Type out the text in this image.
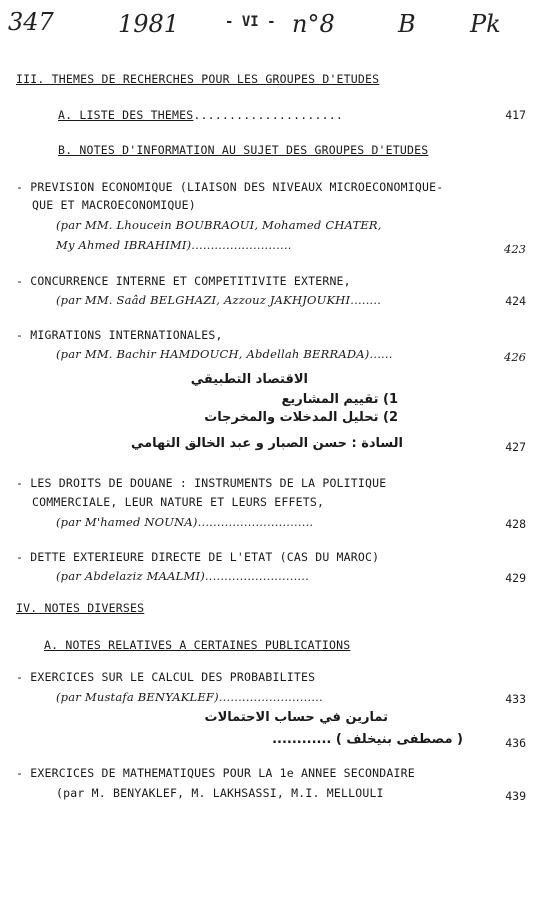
347	1981	- VI - n°8	B Pk
III. THEMES DE RECHERCHES POUR LES GROUPES D'ETUDES
A. LISTE DES THEMES.....................	417
B. NOTES D'INFORMATION AU SUJET DES GROUPES D'ETUDES
- PREVISION ECONOMIQUE (LIAISON DES NIVEAUX MICROECONOMIQUE-
QUE ET MACROECONOMIQUE)
(par MM. Lhoucein BOUBRAOUI, Mohamed CHATER,
My Ahmed IBRAHIMI)..........................	423
- CONCURRENCE INTERNE ET COMPETITIVITE EXTERNE,
(par MM. Saâd BELGHAZI, Azzouz JAKHJOUKHI........	424
- MIGRATIONS INTERNATIONALES,
(par MM. Bachir HAMDOUCH, Abdellah BERRADA)......	426
الاقتصاد التطبيقي
1) تقييم المشاريع
2) تحليل المدخلات والمخرجات
السادة : حسن الصبار و عبد الخالق التهامي	427
- LES DROITS DE DOUANE : INSTRUMENTS DE LA POLITIQUE
COMMERCIALE, LEUR NATURE ET LEURS EFFETS,
(par M'hamed NOUNA)..............................	428
- DETTE EXTERIEURE DIRECTE DE L'ETAT (CAS DU MAROC)
(par Abdelaziz MAALMI)...........................	429
IV. NOTES DIVERSES
A. NOTES RELATIVES A CERTAINES PUBLICATIONS
- EXERCICES SUR LE CALCUL DES PROBABILITES
(par Mustafa BENYAKLEF)...........................	433
تمارين في حساب الاحتمالات
( مصطفى بنيخلف ) ............	436
- EXERCICES DE MATHEMATIQUES POUR LA 1e ANNEE SECONDAIRE
(par M. BENYAKLEF, M. LAKHSASSI, M.I. MELLOULI	439
